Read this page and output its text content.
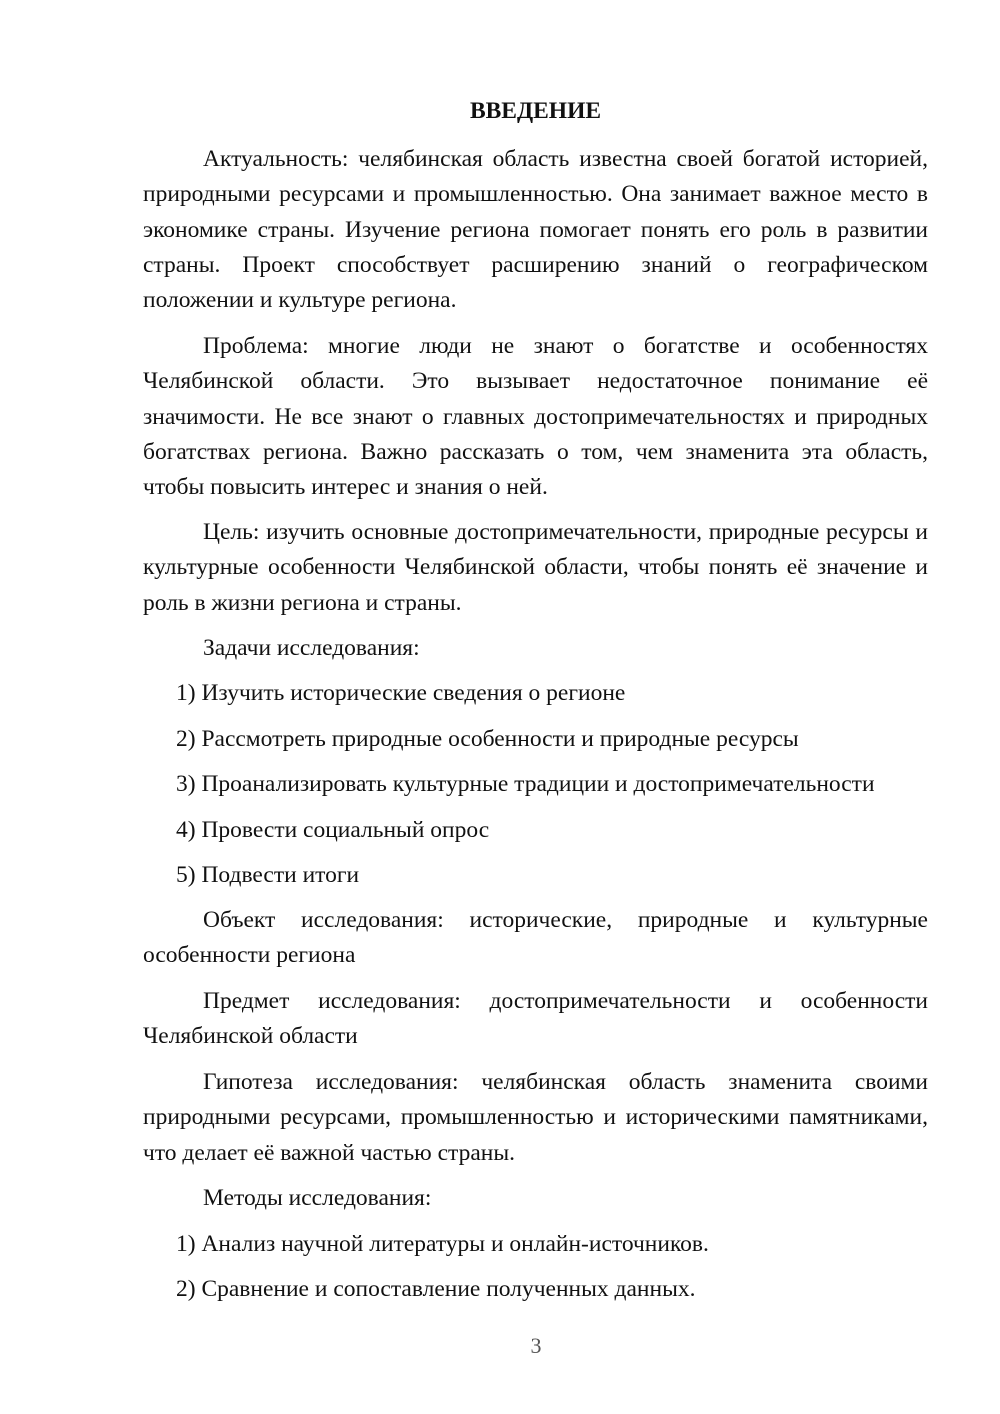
ВВЕДЕНИЕ

Актуальность: челябинская область известна своей богатой историей, природными ресурсами и промышленностью. Она занимает важное место в экономике страны. Изучение региона помогает понять его роль в развитии страны. Проект способствует расширению знаний о географическом положении и культуре региона.

Проблема: многие люди не знают о богатстве и особенностях Челябинской области. Это вызывает недостаточное понимание её значимости. Не все знают о главных достопримечательностях и природных богатствах региона. Важно рассказать о том, чем знаменита эта область, чтобы повысить интерес и знания о ней.

Цель: изучить основные достопримечательности, природные ресурсы и культурные особенности Челябинской области, чтобы понять её значение и роль в жизни региона и страны.

Задачи исследования:

1) Изучить исторические сведения о регионе

2) Рассмотреть природные особенности и природные ресурсы

3) Проанализировать культурные традиции и достопримечательности

4) Провести социальный опрос

5) Подвести итоги

Объект исследования: исторические, природные и культурные особенности региона

Предмет исследования: достопримечательности и особенности Челябинской области

Гипотеза исследования: челябинская область знаменита своими природными ресурсами, промышленностью и историческими памятниками, что делает её важной частью страны.

Методы исследования:

1) Анализ научной литературы и онлайн-источников.

2) Сравнение и сопоставление полученных данных.

3
